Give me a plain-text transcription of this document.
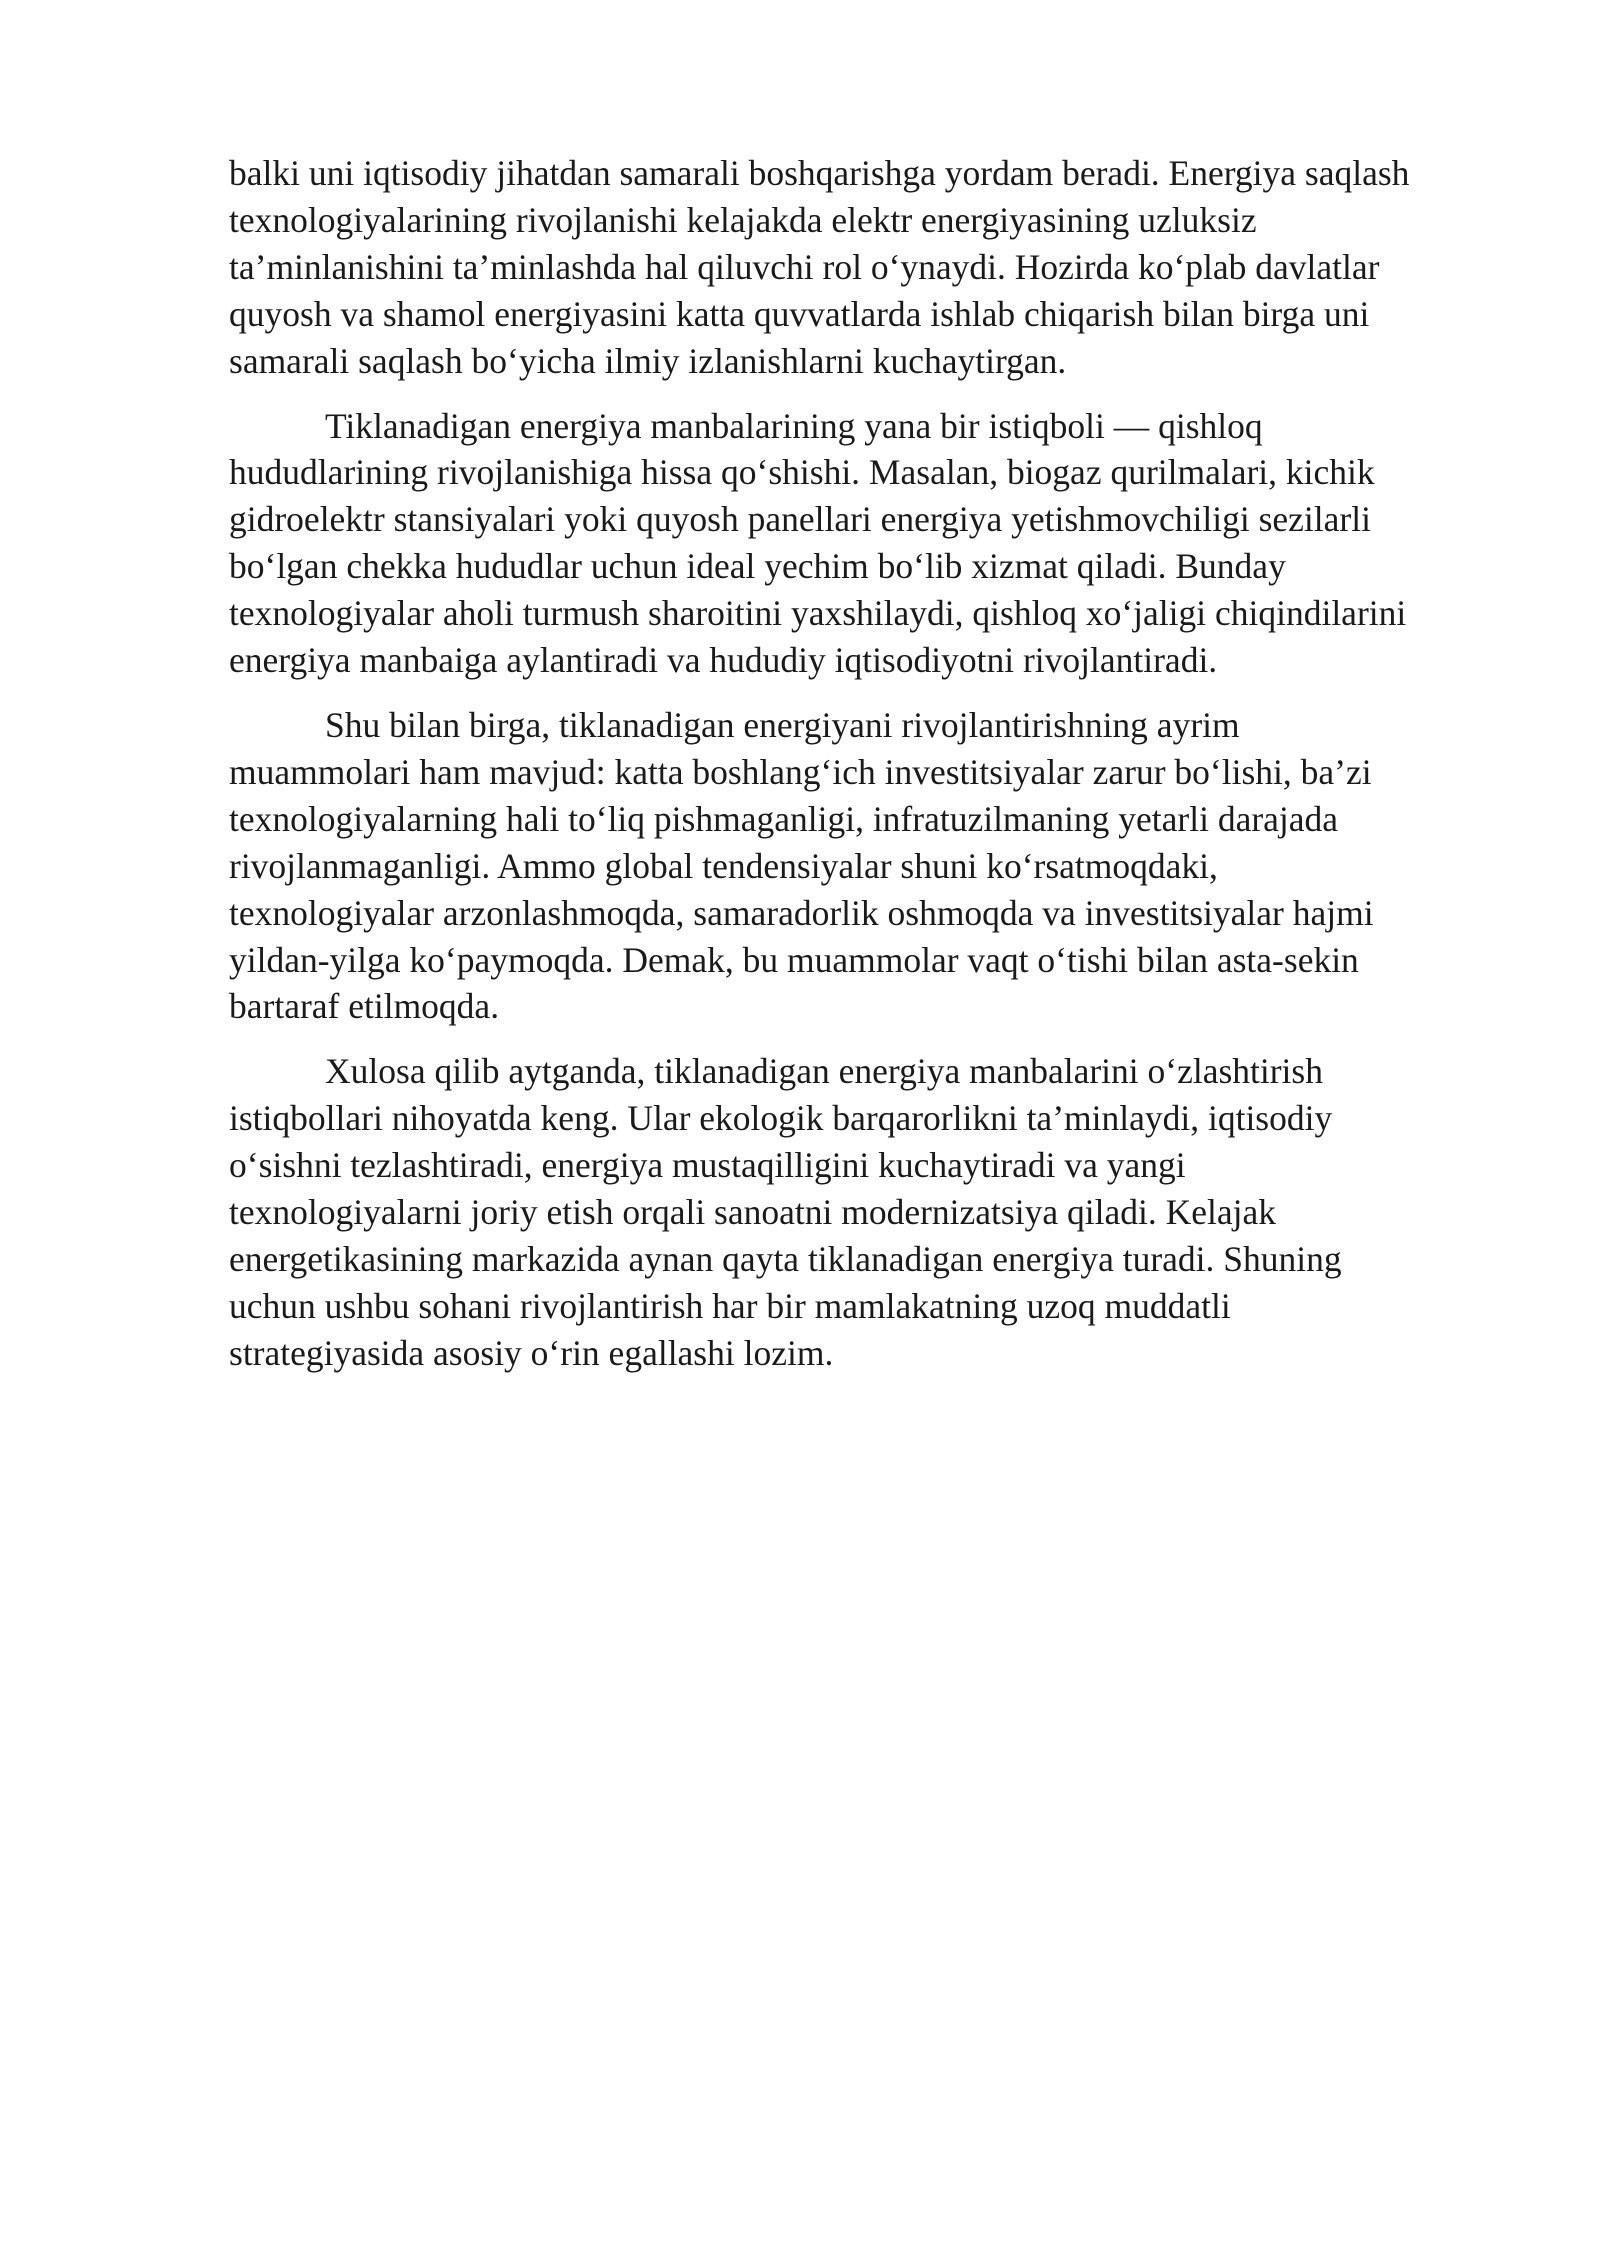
balki uni iqtisodiy jihatdan samarali boshqarishga yordam beradi. Energiya saqlash
texnologiyalarining rivojlanishi kelajakda elektr energiyasining uzluksiz
ta’minlanishini ta’minlashda hal qiluvchi rol oʻynaydi. Hozirda koʻplab davlatlar
quyosh va shamol energiyasini katta quvvatlarda ishlab chiqarish bilan birga uni
samarali saqlash boʻyicha ilmiy izlanishlarni kuchaytirgan.

Tiklanadigan energiya manbalarining yana bir istiqboli — qishloq
hududlarining rivojlanishiga hissa qoʻshishi. Masalan, biogaz qurilmalari, kichik
gidroelektr stansiyalari yoki quyosh panellari energiya yetishmovchiligi sezilarli
boʻlgan chekka hududlar uchun ideal yechim boʻlib xizmat qiladi. Bunday
texnologiyalar aholi turmush sharoitini yaxshilaydi, qishloq xoʻjaligi chiqindilarini
energiya manbaiga aylantiradi va hududiy iqtisodiyotni rivojlantiradi.

Shu bilan birga, tiklanadigan energiyani rivojlantirishning ayrim
muammolari ham mavjud: katta boshlangʻich investitsiyalar zarur boʻlishi, ba’zi
texnologiyalarning hali toʻliq pishmaganligi, infratuzilmaning yetarli darajada
rivojlanmaganligi. Ammo global tendensiyalar shuni koʻrsatmoqdaki,
texnologiyalar arzonlashmoqda, samaradorlik oshmoqda va investitsiyalar hajmi
yildan-yilga koʻpaymoqda. Demak, bu muammolar vaqt oʻtishi bilan asta-sekin
bartaraf etilmoqda.

Xulosa qilib aytganda, tiklanadigan energiya manbalarini oʻzlashtirish
istiqbollari nihoyatda keng. Ular ekologik barqarorlikni ta’minlaydi, iqtisodiy
oʻsishni tezlashtiradi, energiya mustaqilligini kuchaytiradi va yangi
texnologiyalarni joriy etish orqali sanoatni modernizatsiya qiladi. Kelajak
energetikasining markazida aynan qayta tiklanadigan energiya turadi. Shuning
uchun ushbu sohani rivojlantirish har bir mamlakatning uzoq muddatli
strategiyasida asosiy oʻrin egallashi lozim.
